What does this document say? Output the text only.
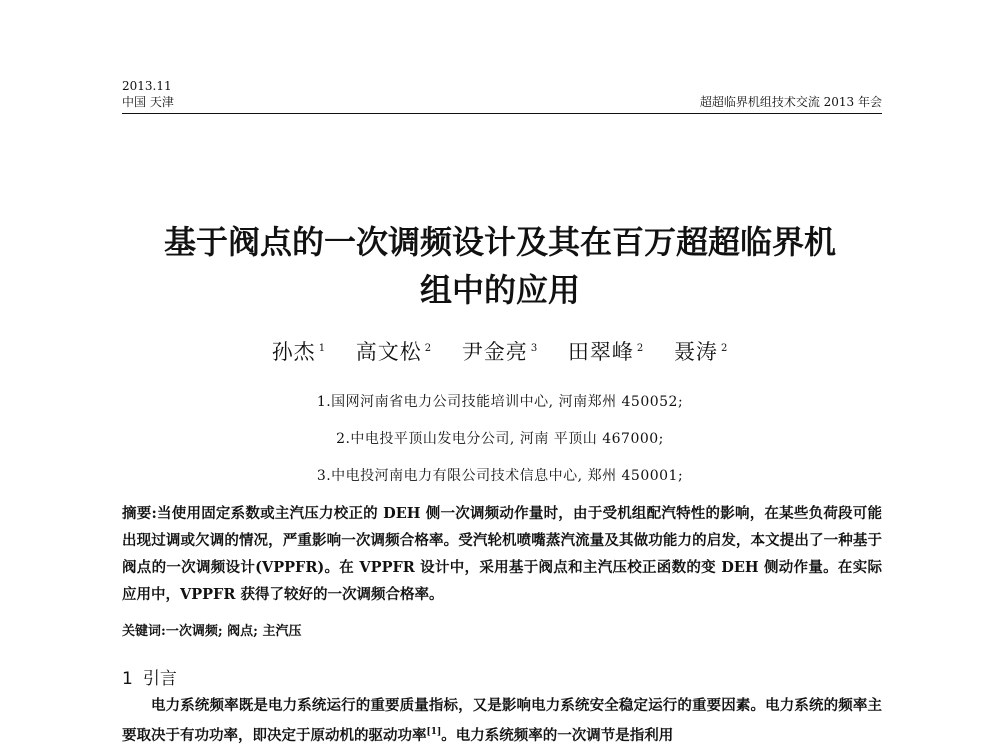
2013.11
中国 天津	超超临界机组技术交流 2013 年会
基于阀点的一次调频设计及其在百万超超临界机
组中的应用
孙杰 $^1$ 高文松 $^2$ 尹金亮 $^3$ 田翠峰 $^2$ 聂涛 $^2$
1.国网河南省电力公司技能培训中心, 河南郑州 450052;
2.中电投平顶山发电分公司, 河南 平顶山 467000;
3.中电投河南电力有限公司技术信息中心, 郑州 450001;
摘要:当使用固定系数或主汽压力校正的 DEH 侧一次调频动作量时，由于受机组配汽特性的影响，在某些负荷段可能出现过调或欠调的情况，严重影响一次调频合格率。受汽轮机喷嘴蒸汽流量及其做功能力的启发，本文提出了一种基于阀点的一次调频设计(VPPFR)。在 VPPFR 设计中，采用基于阀点和主汽压校正函数的变 DEH 侧动作量。在实际应用中，VPPFR 获得了较好的一次调频合格率。
关键词:一次调频; 阀点; 主汽压
1 引言

电力系统频率既是电力系统运行的重要质量指标，又是影响电力系统安全稳定运行的重要因素。电力系统的频率主要取决于有功功率，即决定于原动机的驱动功率[1]。电力系统频率的一次调节是指利用
